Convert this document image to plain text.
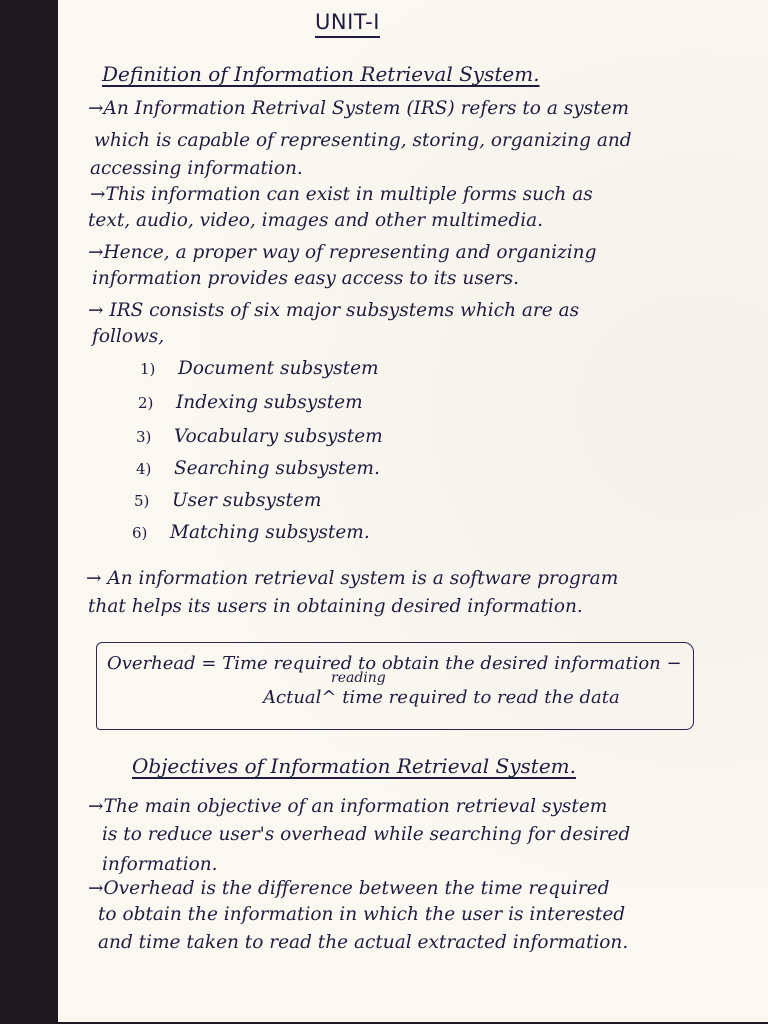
UNIT-I
Definition of Information Retrieval System.
→An Information Retrival System (IRS) refers to a system
which is capable of representing, storing, organizing and
accessing information.
→This information can exist in multiple forms such as
text, audio, video, images and other multimedia.
→Hence, a proper way of representing and organizing
information provides easy access to its users.
→ IRS consists of six major subsystems which are as
follows,
1) Document subsystem
2) Indexing subsystem
3) Vocabulary subsystem
4) Searching subsystem.
5) User subsystem
6) Matching subsystem.
→ An information retrieval system is a software program
that helps its users in obtaining desired information.
Overhead = Time required to obtain the desired information −
reading
Actual^ time required to read the data
Objectives of Information Retrieval System.
→The main objective of an information retrieval system
is to reduce user's overhead while searching for desired
information.
→Overhead is the difference between the time required
to obtain the information in which the user is interested
and time taken to read the actual extracted information.
